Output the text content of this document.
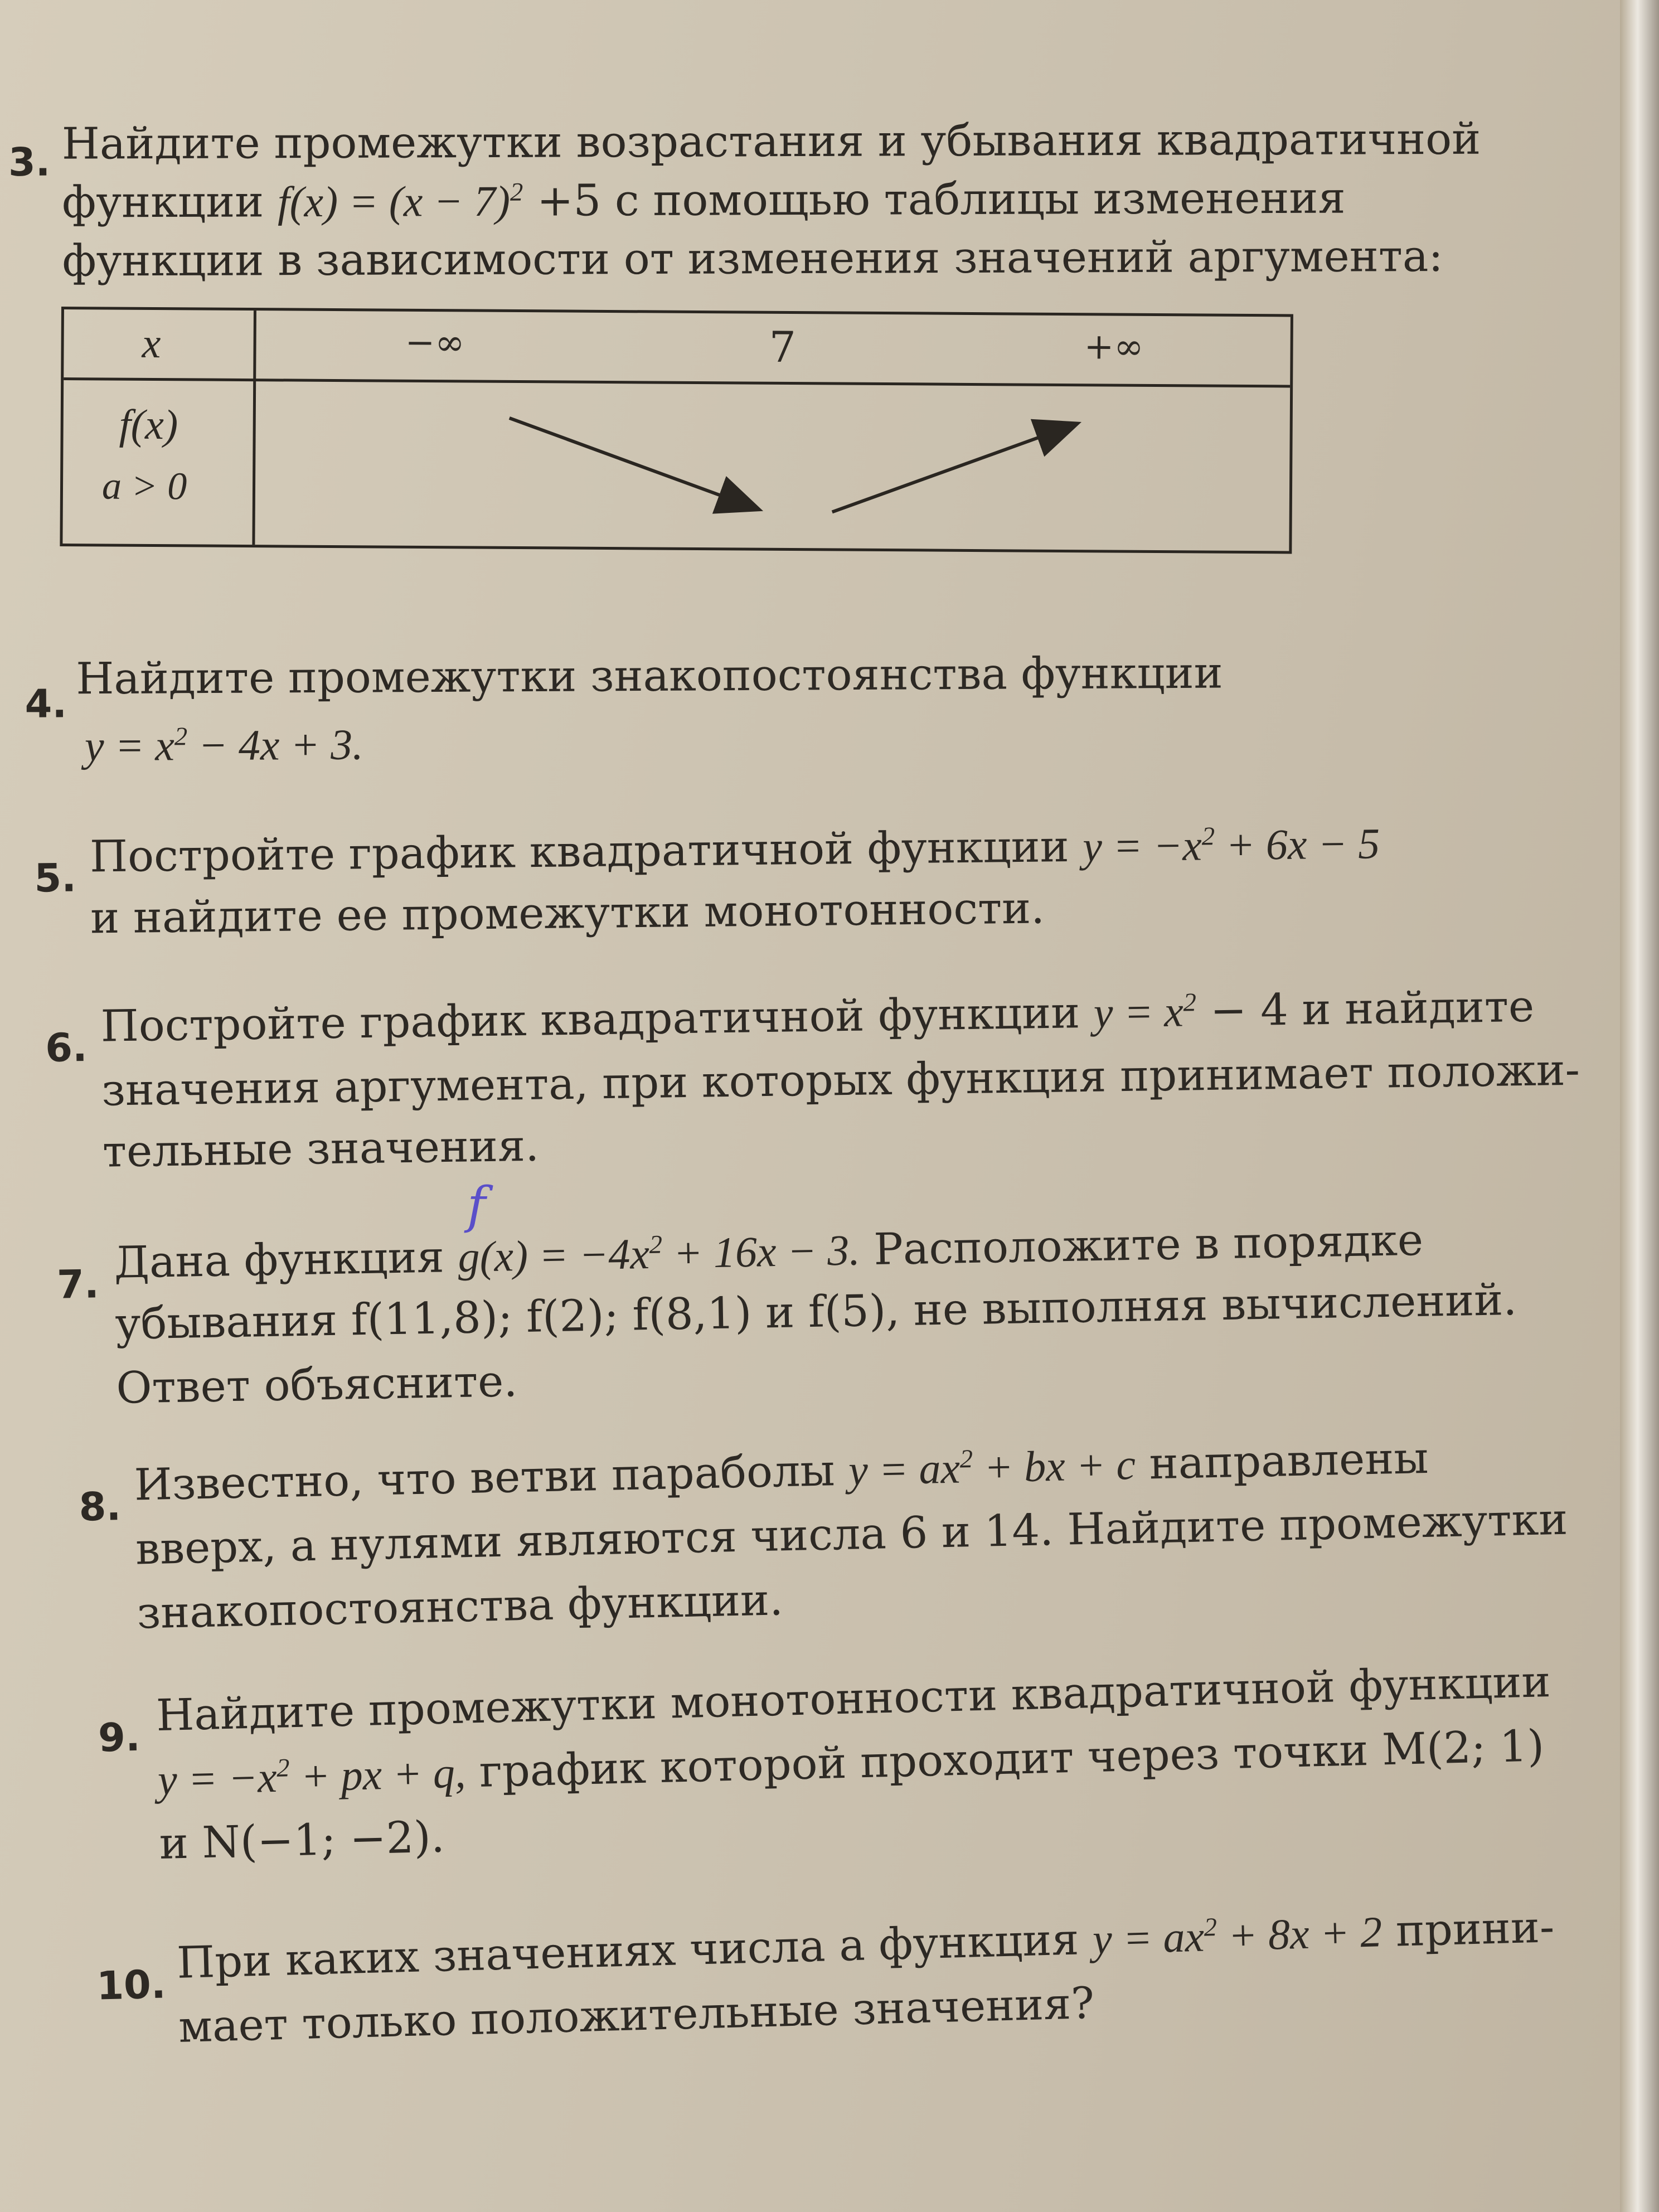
3. Найдите промежутки возрастания и убывания квадратичной
функции $f(x) = (x - 7)^2 +5$ с помощью таблицы изменения
функции в зависимости от изменения значений аргумента:
x	−∞	7	+∞
f(x)
a > 0
4. Найдите промежутки знакопостоянства функции
$y = x^2 - 4x + 3$.
5. Постройте график квадратичной функции $y = -x^2 + 6x - 5$
и найдите ее промежутки монотонности.
6. Постройте график квадратичной функции $y = x^2 - 4$ и найдите
значения аргумента, при которых функция принимает положи-
тельные значения.
f
7. Дана функция $g(x) = -4x^2 + 16x - 3$. Расположите в порядке
убывания f(11,8); f(2); f(8,1) и f(5), не выполняя вычислений.
Ответ объясните.
8. Известно, что ветви параболы $y = ax^2$ + bx + c направлены
вверх, а нулями являются числа 6 и 14. Найдите промежутки
знакопостоянства функции.
9. Найдите промежутки монотонности квадратичной функции
$y = -x^2$ + px + q, график которой проходит через точки M(2; 1)
и N(−1; −2).
10. При каких значениях числа a функция $y = ax^2 + 8x + 2$ прини-
мает только положительные значения?
